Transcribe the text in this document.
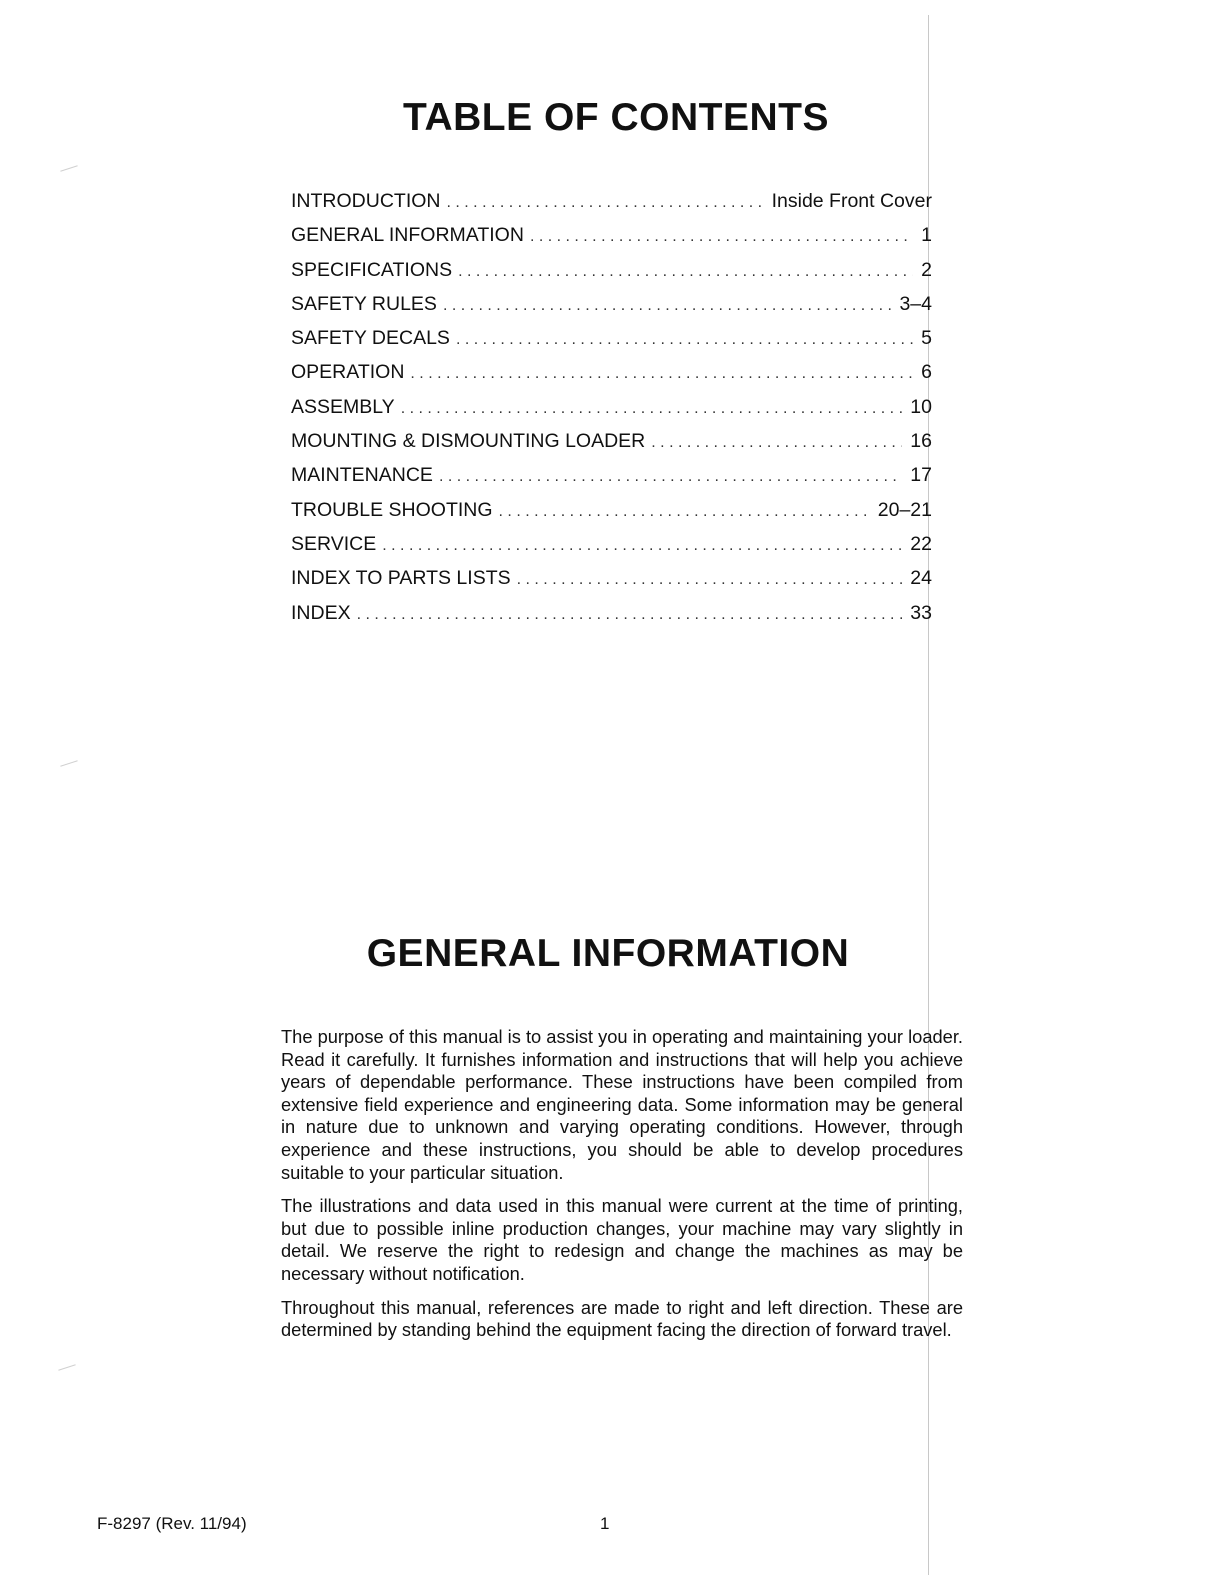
TABLE OF CONTENTS
INTRODUCTION . . .	Inside Front Cover
GENERAL INFORMATION . . .	1
SPECIFICATIONS . . .	2
SAFETY RULES . . .	3–4
SAFETY DECALS . . .	5
OPERATION . . .	6
ASSEMBLY . . .	10
MOUNTING & DISMOUNTING LOADER . . .	16
MAINTENANCE . . .	17
TROUBLE SHOOTING . . .	20–21
SERVICE . . .	22
INDEX TO PARTS LISTS . . .	24
INDEX . . .	33
GENERAL INFORMATION

The purpose of this manual is to assist you in operating and maintaining your loader. Read it carefully. It furnishes information and instructions that will help you achieve years of dependable performance. These instructions have been compiled from extensive field experience and engineering data. Some information may be general in nature due to unknown and varying operating conditions. However, through experience and these instructions, you should be able to develop procedures suitable to your particular situation.

The illustrations and data used in this manual were current at the time of printing, but due to possible inline production changes, your machine may vary slightly in detail. We reserve the right to redesign and change the machines as may be necessary without notification.

Throughout this manual, references are made to right and left direction. These are determined by standing behind the equipment facing the direction of forward travel.

F-8297 (Rev. 11/94)	1
